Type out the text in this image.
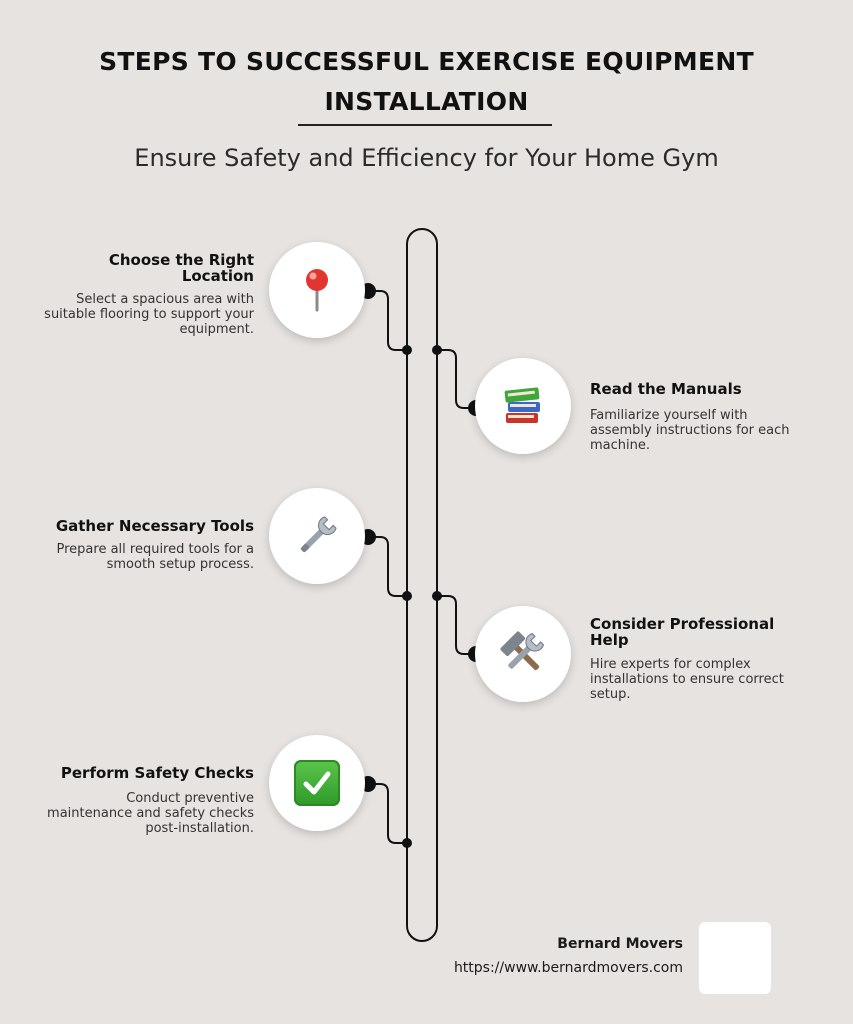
STEPS TO SUCCESSFUL EXERCISE EQUIPMENT INSTALLATION
Ensure Safety and Efficiency for Your Home Gym
Choose the Right Location
Select a spacious area with suitable flooring to support your equipment.
Read the Manuals
Familiarize yourself with assembly instructions for each machine.
Gather Necessary Tools
Prepare all required tools for a smooth setup process.
Consider Professional Help
Hire experts for complex installations to ensure correct setup.
Perform Safety Checks
Conduct preventive maintenance and safety checks post-installation.
Bernard Movers
https://www.bernardmovers.com
